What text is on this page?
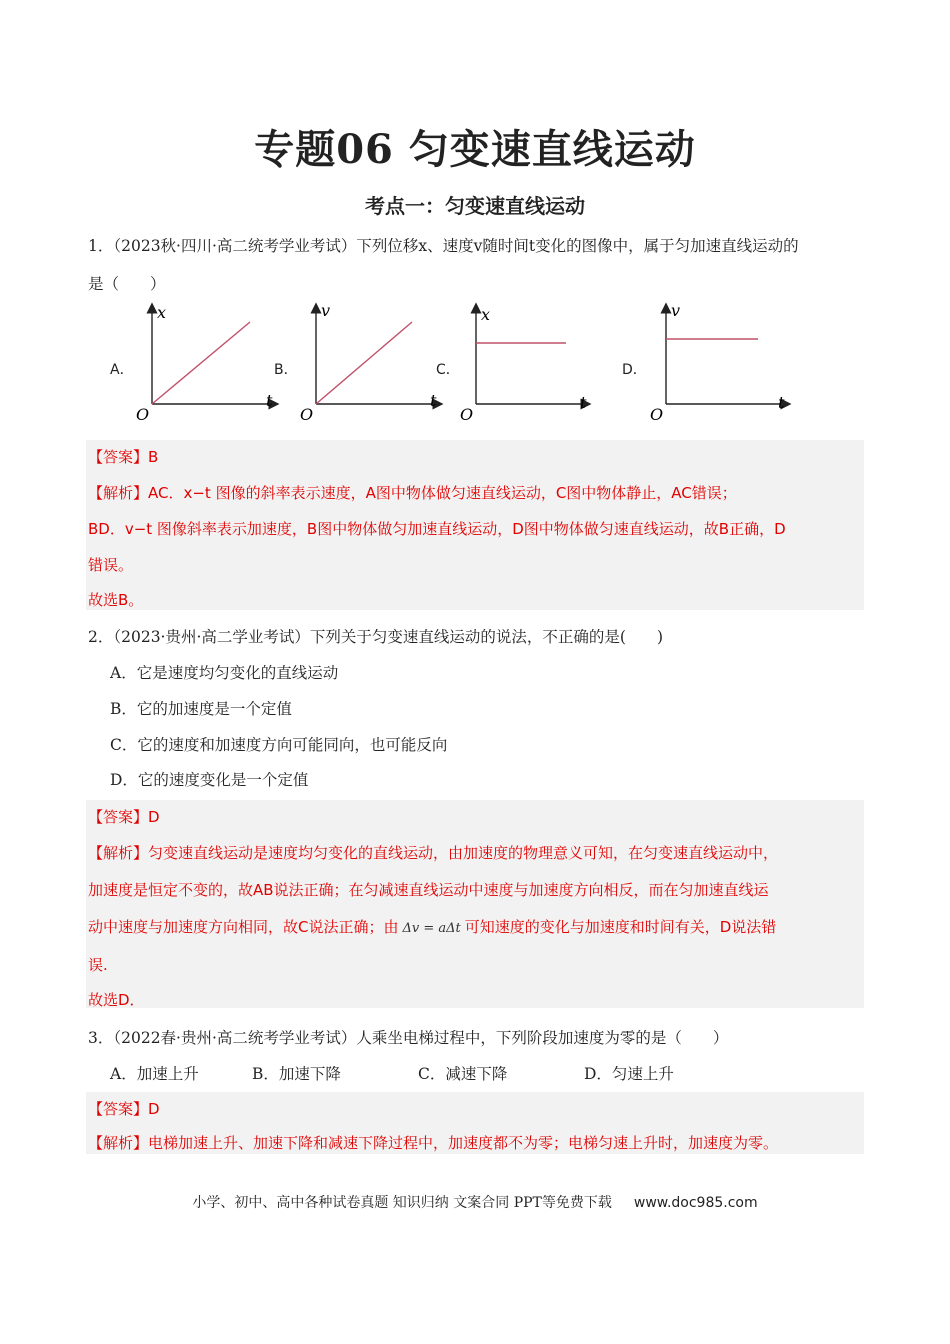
专题06 匀变速直线运动
考点一：匀变速直线运动
1．（2023秋·四川·高二统考学业考试）下列位移x、速度v随时间t变化的图像中，属于匀加速直线运动的
是（　　）
A．	B．	C．	D．
x
t
O
v
t
O
x
t
O
v
t
O
【答案】B
【解析】AC．x−t 图像的斜率表示速度，A图中物体做匀速直线运动，C图中物体静止，AC错误；
BD．v−t 图像斜率表示加速度，B图中物体做匀加速直线运动，D图中物体做匀速直线运动，故B正确，D
错误。
故选B。
2．（2023·贵州·高二学业考试）下列关于匀变速直线运动的说法，不正确的是(　　)
A．它是速度均匀变化的直线运动
B．它的加速度是一个定值
C．它的速度和加速度方向可能同向，也可能反向
D．它的速度变化是一个定值
【答案】D
【解析】匀变速直线运动是速度均匀变化的直线运动，由加速度的物理意义可知，在匀变速直线运动中，
加速度是恒定不变的，故AB说法正确；在匀减速直线运动中速度与加速度方向相反，而在匀加速直线运
动中速度与加速度方向相同，故C说法正确；由 Δv = aΔt 可知速度的变化与加速度和时间有关，D说法错
误.
故选D．
3．（2022春·贵州·高二统考学业考试）人乘坐电梯过程中，下列阶段加速度为零的是（　　）
A．加速上升	B．加速下降	C．减速下降	D．匀速上升
【答案】D
【解析】电梯加速上升、加速下降和减速下降过程中，加速度都不为零；电梯匀速上升时，加速度为零。
小学、初中、高中各种试卷真题 知识归纳 文案合同 PPT等免费下载 www.doc985.com
